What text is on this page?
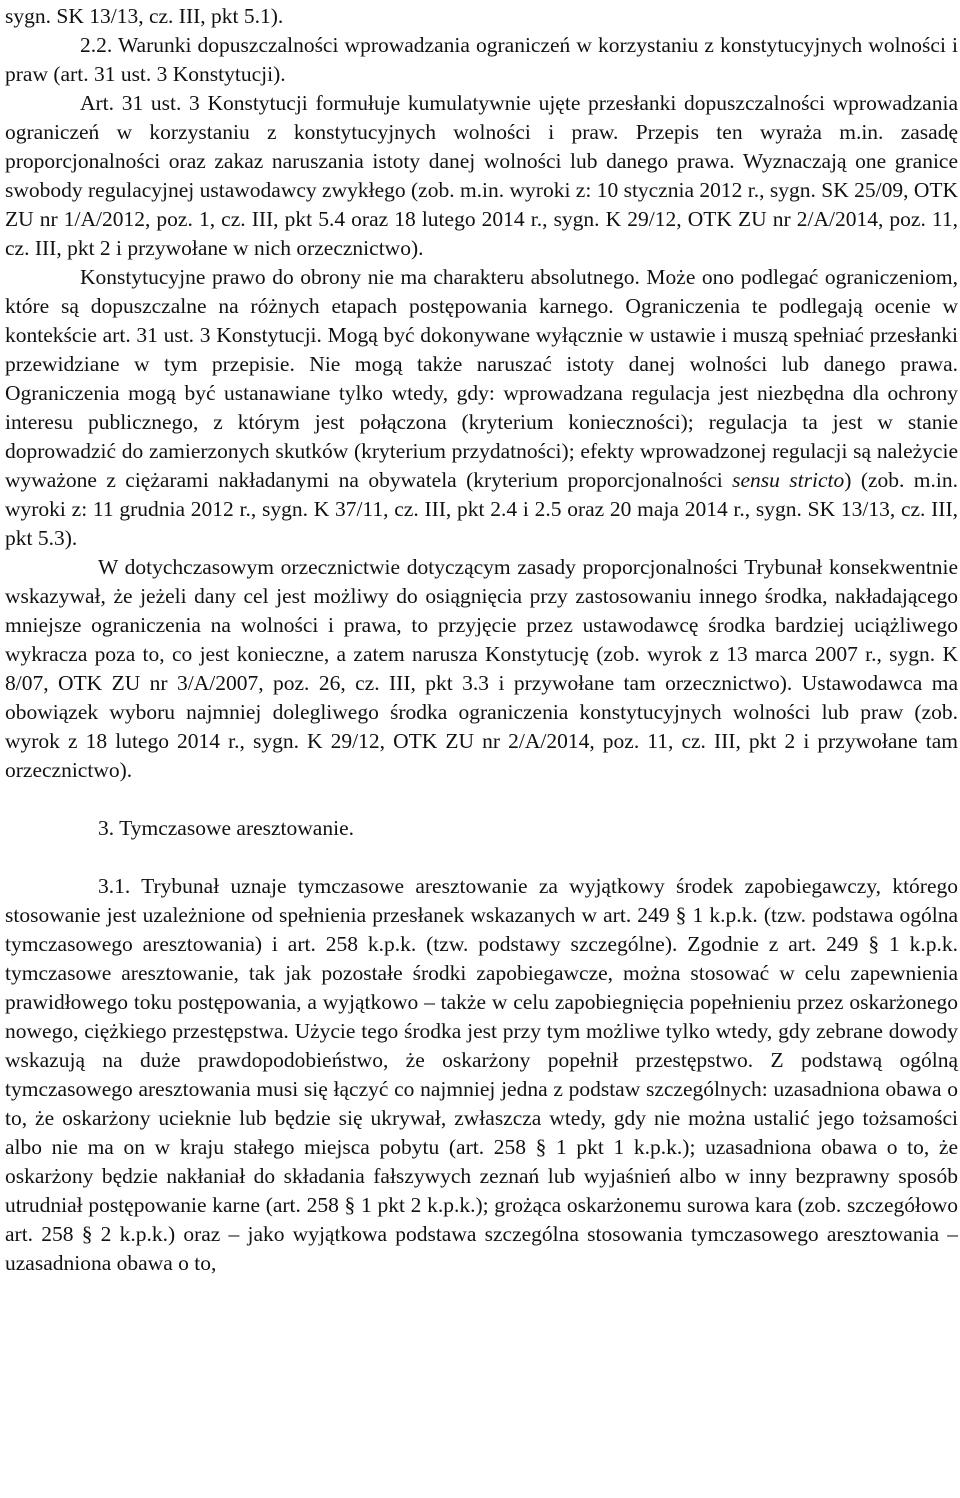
sygn. SK 13/13, cz. III, pkt 5.1).

2.2. Warunki dopuszczalności wprowadzania ograniczeń w korzystaniu z konstytucyjnych wolności i praw (art. 31 ust. 3 Konstytucji).

Art. 31 ust. 3 Konstytucji formułuje kumulatywnie ujęte przesłanki dopuszczalności wprowadzania ograniczeń w korzystaniu z konstytucyjnych wolności i praw. Przepis ten wyraża m.in. zasadę proporcjonalności oraz zakaz naruszania istoty danej wolności lub danego prawa. Wyznaczają one granice swobody regulacyjnej ustawodawcy zwykłego (zob. m.in. wyroki z: 10 stycznia 2012 r., sygn. SK 25/09, OTK ZU nr 1/A/2012, poz. 1, cz. III, pkt 5.4 oraz 18 lutego 2014 r., sygn. K 29/12, OTK ZU nr 2/A/2014, poz. 11, cz. III, pkt 2 i przywołane w nich orzecznictwo).

Konstytucyjne prawo do obrony nie ma charakteru absolutnego. Może ono podlegać ograniczeniom, które są dopuszczalne na różnych etapach postępowania karnego. Ograniczenia te podlegają ocenie w kontekście art. 31 ust. 3 Konstytucji. Mogą być dokonywane wyłącznie w ustawie i muszą spełniać przesłanki przewidziane w tym przepisie. Nie mogą także naruszać istoty danej wolności lub danego prawa. Ograniczenia mogą być ustanawiane tylko wtedy, gdy: wprowadzana regulacja jest niezbędna dla ochrony interesu publicznego, z którym jest połączona (kryterium konieczności); regulacja ta jest w stanie doprowadzić do zamierzonych skutków (kryterium przydatności); efekty wprowadzonej regulacji są należycie wyważone z ciężarami nakładanymi na obywatela (kryterium proporcjonalności sensu stricto) (zob. m.in. wyroki z: 11 grudnia 2012 r., sygn. K 37/11, cz. III, pkt 2.4 i 2.5 oraz 20 maja 2014 r., sygn. SK 13/13, cz. III, pkt 5.3).

W dotychczasowym orzecznictwie dotyczącym zasady proporcjonalności Trybunał konsekwentnie wskazywał, że jeżeli dany cel jest możliwy do osiągnięcia przy zastosowaniu innego środka, nakładającego mniejsze ograniczenia na wolności i prawa, to przyjęcie przez ustawodawcę środka bardziej uciążliwego wykracza poza to, co jest konieczne, a zatem narusza Konstytucję (zob. wyrok z 13 marca 2007 r., sygn. K 8/07, OTK ZU nr 3/A/2007, poz. 26, cz. III, pkt 3.3 i przywołane tam orzecznictwo). Ustawodawca ma obowiązek wyboru najmniej dolegliwego środka ograniczenia konstytucyjnych wolności lub praw (zob. wyrok z 18 lutego 2014 r., sygn. K 29/12, OTK ZU nr 2/A/2014, poz. 11, cz. III, pkt 2 i przywołane tam orzecznictwo).

3. Tymczasowe aresztowanie.

3.1. Trybunał uznaje tymczasowe aresztowanie za wyjątkowy środek zapobiegawczy, którego stosowanie jest uzależnione od spełnienia przesłanek wskazanych w art. 249 § 1 k.p.k. (tzw. podstawa ogólna tymczasowego aresztowania) i art. 258 k.p.k. (tzw. podstawy szczególne). Zgodnie z art. 249 § 1 k.p.k. tymczasowe aresztowanie, tak jak pozostałe środki zapobiegawcze, można stosować w celu zapewnienia prawidłowego toku postępowania, a wyjątkowo – także w celu zapobiegnięcia popełnieniu przez oskarżonego nowego, ciężkiego przestępstwa. Użycie tego środka jest przy tym możliwe tylko wtedy, gdy zebrane dowody wskazują na duże prawdopodobieństwo, że oskarżony popełnił przestępstwo. Z podstawą ogólną tymczasowego aresztowania musi się łączyć co najmniej jedna z podstaw szczególnych: uzasadniona obawa o to, że oskarżony ucieknie lub będzie się ukrywał, zwłaszcza wtedy, gdy nie można ustalić jego tożsamości albo nie ma on w kraju stałego miejsca pobytu (art. 258 § 1 pkt 1 k.p.k.); uzasadniona obawa o to, że oskarżony będzie nakłaniał do składania fałszywych zeznań lub wyjaśnień albo w inny bezprawny sposób utrudniał postępowanie karne (art. 258 § 1 pkt 2 k.p.k.); grożąca oskarżonemu surowa kara (zob. szczegółowo art. 258 § 2 k.p.k.) oraz – jako wyjątkowa podstawa szczególna stosowania tymczasowego aresztowania – uzasadniona obawa o to,
